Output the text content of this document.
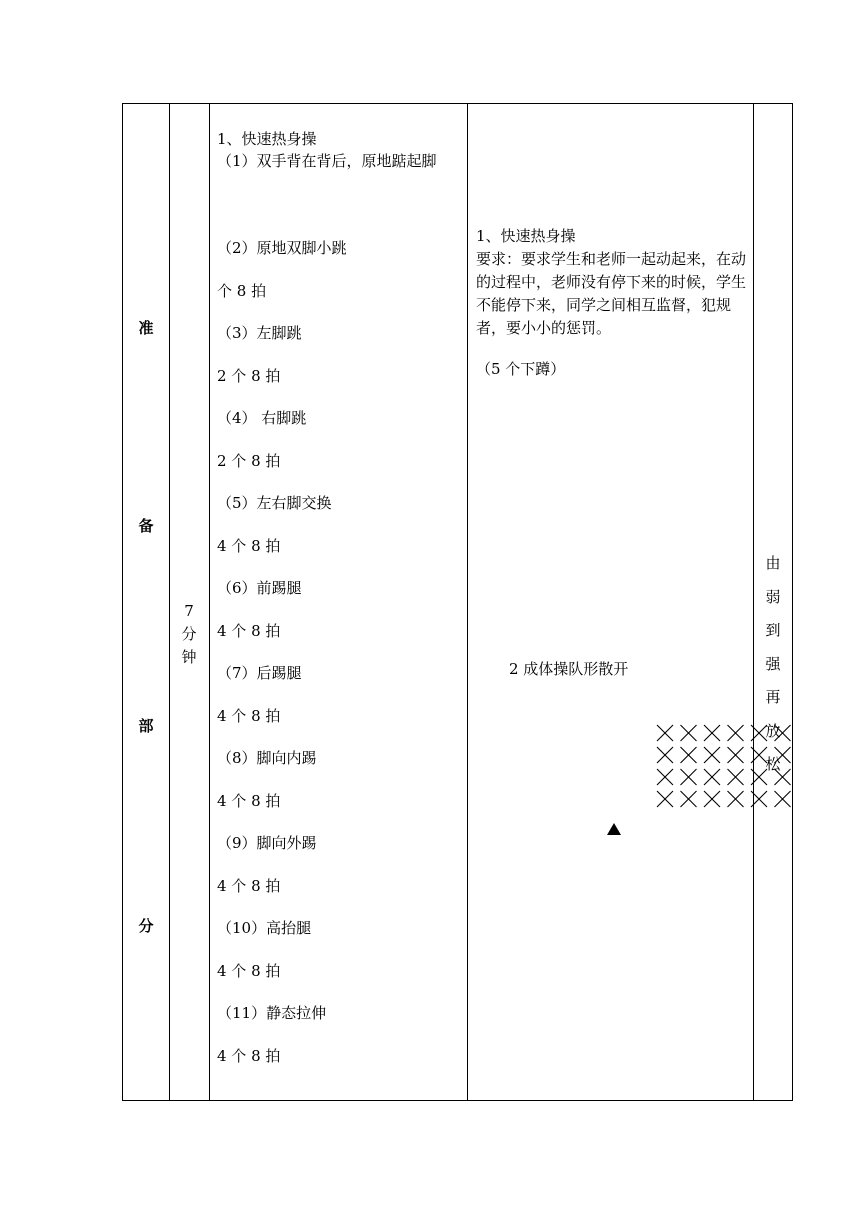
准
备
部
分
7
分
钟
1、快速热身操
（1）双手背在背后，原地踮起脚
（2）原地双脚小跳
个 8 拍
（3）左脚跳
2 个 8 拍
（4） 右脚跳
2 个 8 拍
（5）左右脚交换
4 个 8 拍
（6）前踢腿
4 个 8 拍
（7）后踢腿
4 个 8 拍
（8）脚向内踢
4 个 8 拍
（9）脚向外踢
4 个 8 拍
（10）高抬腿
4 个 8 拍
（11）静态拉伸
4 个 8 拍
1、快速热身操
要求：要求学生和老师一起动起来，在动的过程中，老师没有停下来的时候，学生不能停下来，同学之间相互监督，犯规者，要小小的惩罚。
（5 个下蹲）
2 成体操队形散开
由
弱
到
强
再
放
松
